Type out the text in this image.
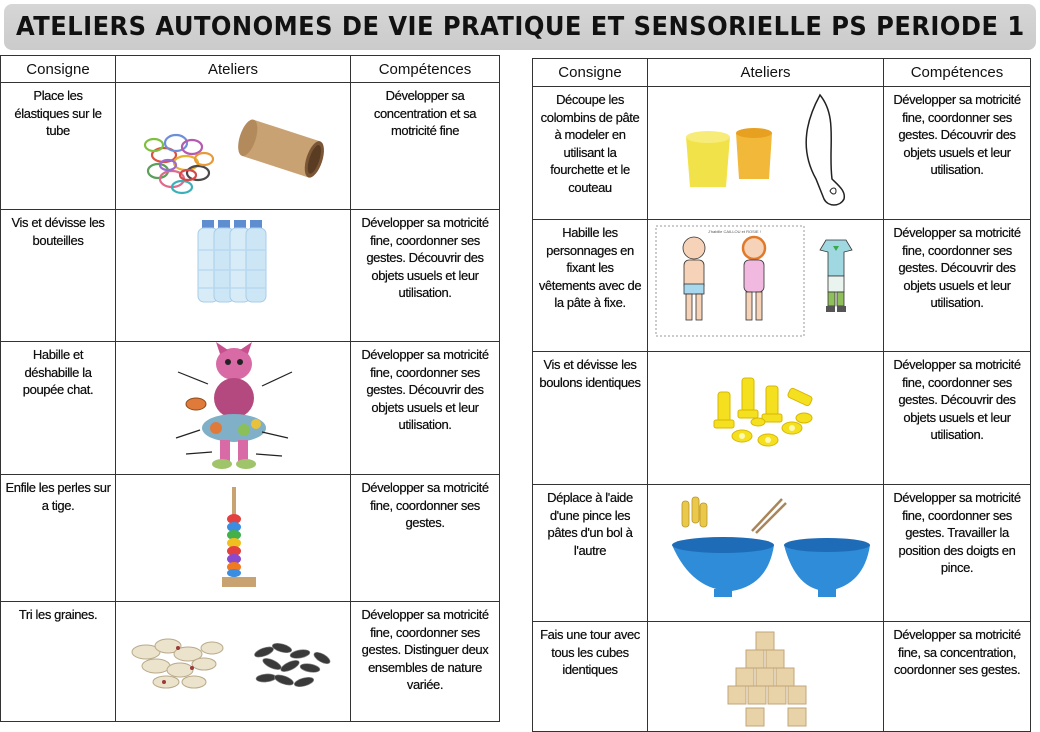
ATELIERS AUTONOMES DE VIE PRATIQUE ET SENSORIELLE PS PERIODE 1
Consigne	Ateliers	Compétences

Place les élastiques sur le tube		Développer sa concentration et sa motricité fine

Vis et dévisse les bouteilles		Développer sa motricité fine, coordonner ses gestes. Découvrir des objets usuels et leur utilisation.

Habille et déshabille la poupée chat.		Développer sa motricité fine, coordonner ses gestes. Découvrir des objets usuels et leur utilisation.

Enfile les perles sur a tige.		Développer sa motricité fine, coordonner ses gestes.

Tri les graines.		Développer sa motricité fine, coordonner ses gestes. Distinguer deux ensembles de nature variée.
Consigne	Ateliers	Compétences

Découpe les colombins de pâte à modeler en utilisant la fourchette et le couteau		Développer sa motricité fine, coordonner ses gestes. Découvrir des objets usuels et leur utilisation.

Habille les personnages en fixant les vêtements avec de la pâte à fixe.	J'habille CAILLOU et ROSIE !	Développer sa motricité fine, coordonner ses gestes. Découvrir des objets usuels et leur utilisation.

Vis et dévisse les boulons identiques		Développer sa motricité fine, coordonner ses gestes. Découvrir des objets usuels et leur utilisation.

Déplace à l'aide d'une pince les pâtes d'un bol à l'autre		Développer sa motricité fine, coordonner ses gestes. Travailler la position des doigts en pince.

Fais une tour avec tous les cubes identiques		Développer sa motricité fine, sa concentration, coordonner ses gestes.
